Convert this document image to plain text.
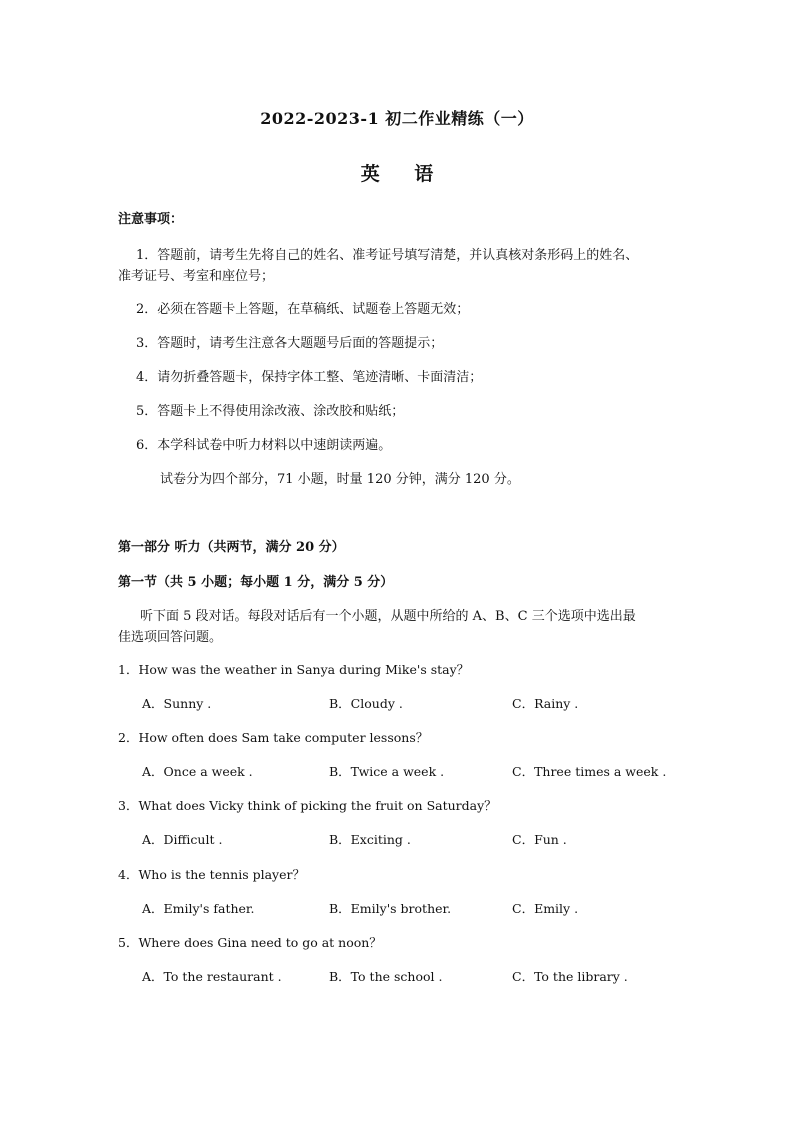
2022-2023-1 初二作业精练（一）
英 语
注意事项：
1．答题前，请考生先将自己的姓名、准考证号填写清楚，并认真核对条形码上的姓名、
准考证号、考室和座位号；
2．必须在答题卡上答题，在草稿纸、试题卷上答题无效；
3．答题时，请考生注意各大题题号后面的答题提示；
4．请勿折叠答题卡，保持字体工整、笔迹清晰、卡面清洁；
5．答题卡上不得使用涂改液、涂改胶和贴纸；
6．本学科试卷中听力材料以中速朗读两遍。
试卷分为四个部分，71 小题，时量 120 分钟，满分 120 分。
第一部分 听力（共两节，满分 20 分）
第一节（共 5 小题；每小题 1 分，满分 5 分）
听下面 5 段对话。每段对话后有一个小题，从题中所给的 A、B、C 三个选项中选出最
佳选项回答问题。
1．How was the weather in Sanya during Mike's stay？
A．Sunny .	B．Cloudy .	C．Rainy .
2．How often does Sam take computer lessons？
A．Once a week .	B．Twice a week .	C．Three times a week .
3．What does Vicky think of picking the fruit on Saturday？
A．Difficult .	B．Exciting .	C．Fun .
4．Who is the tennis player？
A．Emily's father.	B．Emily's brother.	C．Emily .
5．Where does Gina need to go at noon？
A．To the restaurant .	B．To the school .	C．To the library .
